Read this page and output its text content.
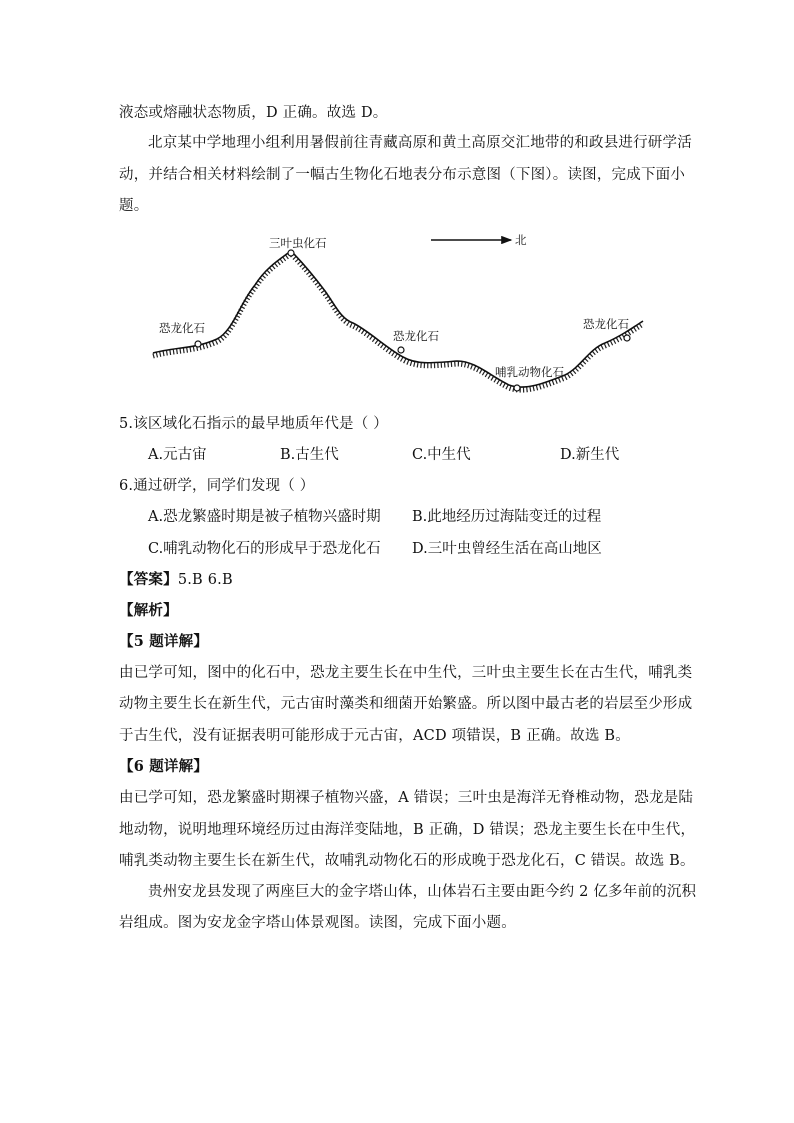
液态或熔融状态物质，D 正确。故选 D。
北京某中学地理小组利用暑假前往青藏高原和黄土高原交汇地带的和政县进行研学活
动，并结合相关材料绘制了一幅古生物化石地表分布示意图（下图）。读图，完成下面小
题。
北
三叶虫化石
恐龙化石
恐龙化石
哺乳动物化石
恐龙化石
5.该区域化石指示的最早地质年代是（ ）
A.元古宙	B.古生代	C.中生代	D.新生代
6.通过研学，同学们发现（ ）
A.恐龙繁盛时期是被子植物兴盛时期 B.此地经历过海陆变迁的过程
C.哺乳动物化石的形成早于恐龙化石 D.三叶虫曾经生活在高山地区
【答案】5.B 6.B
【解析】
【5 题详解】
由已学可知，图中的化石中，恐龙主要生长在中生代，三叶虫主要生长在古生代，哺乳类
动物主要生长在新生代，元古宙时藻类和细菌开始繁盛。所以图中最古老的岩层至少形成
于古生代，没有证据表明可能形成于元古宙，ACD 项错误，B 正确。故选 B。
【6 题详解】
由已学可知，恐龙繁盛时期裸子植物兴盛，A 错误；三叶虫是海洋无脊椎动物，恐龙是陆
地动物，说明地理环境经历过由海洋变陆地，B 正确，D 错误；恐龙主要生长在中生代，
哺乳类动物主要生长在新生代，故哺乳动物化石的形成晚于恐龙化石，C 错误。故选 B。
贵州安龙县发现了两座巨大的金字塔山体，山体岩石主要由距今约 2 亿多年前的沉积
岩组成。图为安龙金字塔山体景观图。读图，完成下面小题。
